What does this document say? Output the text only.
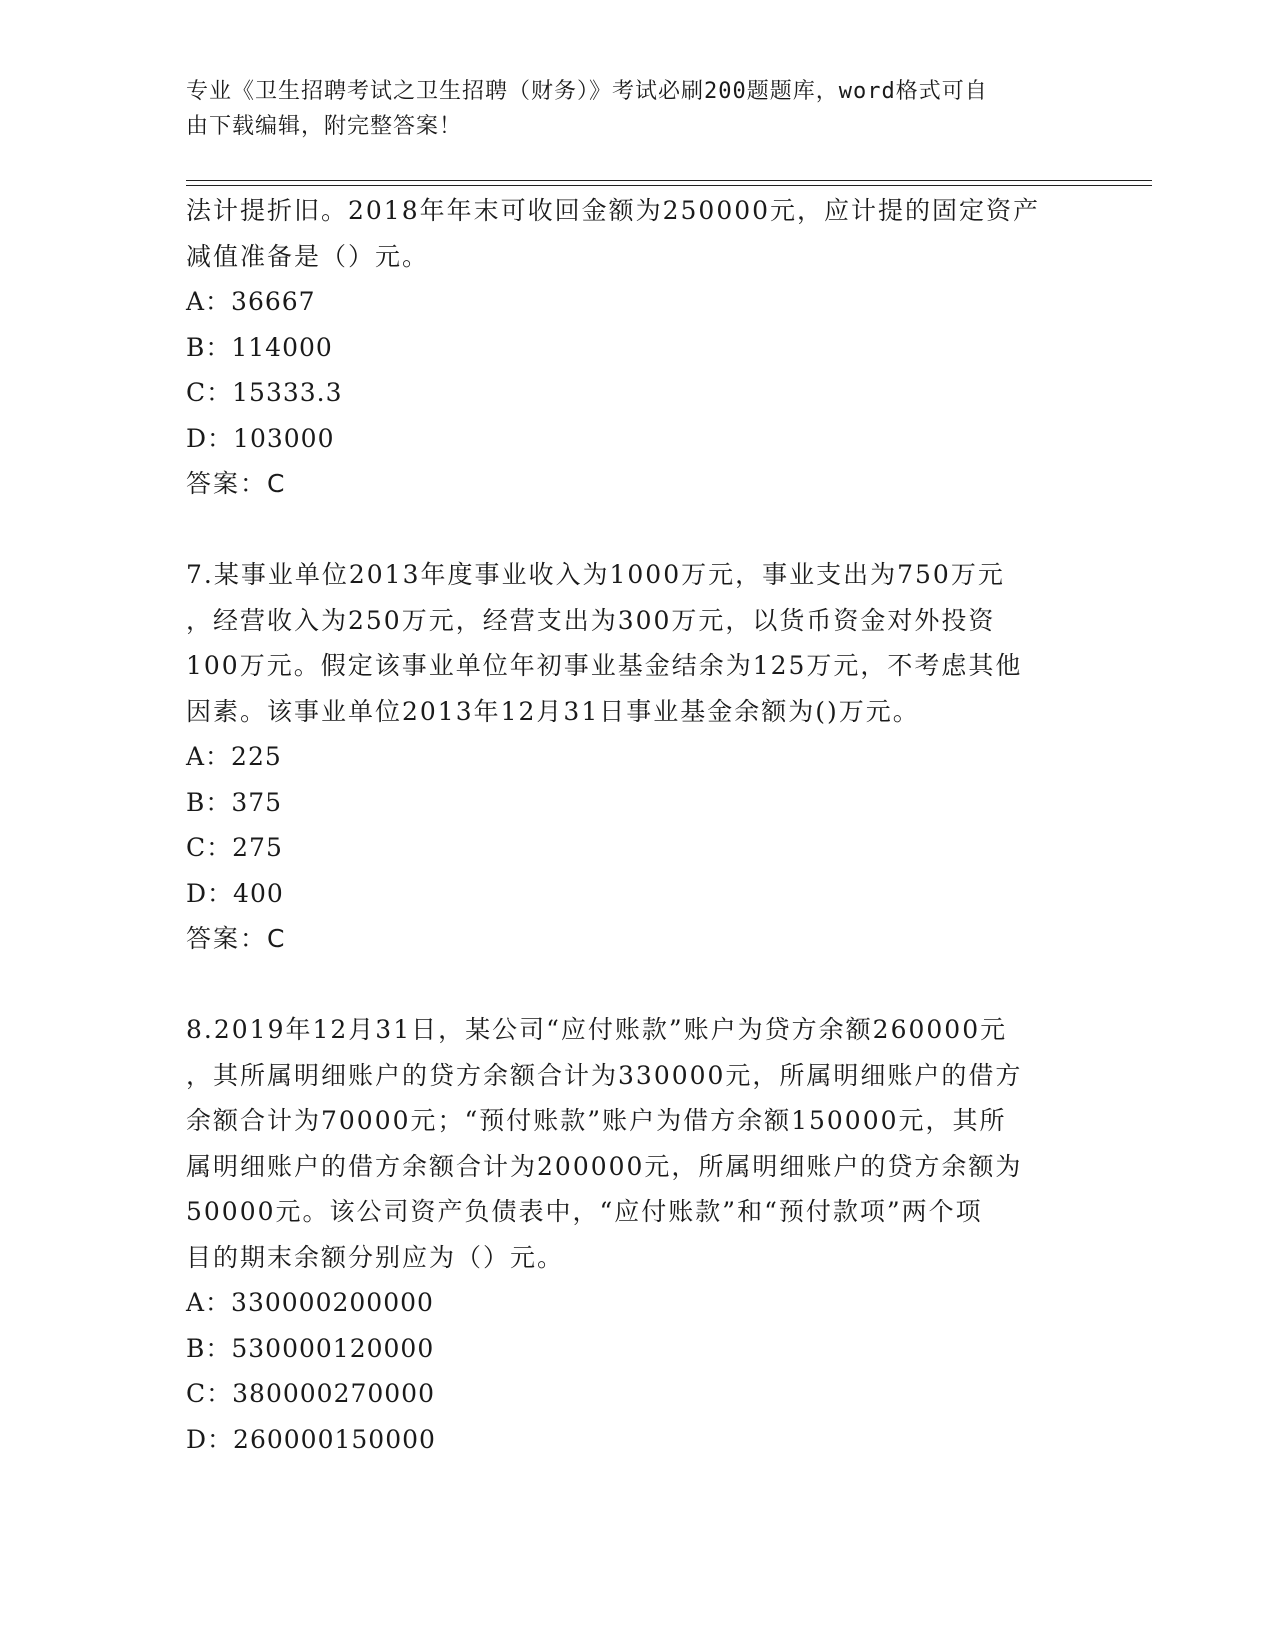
专业《卫生招聘考试之卫生招聘（财务）》考试必刷200题题库，word格式可自
由下载编辑，附完整答案！

法计提折旧。2018年年末可收回金额为250000元，应计提的固定资产

减值准备是（）元。

A：36667

B：114000

C：15333.3

D：103000

答案：C

7.某事业单位2013年度事业收入为1000万元，事业支出为750万元

，经营收入为250万元，经营支出为300万元，以货币资金对外投资

100万元。假定该事业单位年初事业基金结余为125万元，不考虑其他

因素。该事业单位2013年12月31日事业基金余额为()万元。

A：225

B：375

C：275

D：400

答案：C

8.2019年12月31日，某公司“应付账款”账户为贷方余额260000元

，其所属明细账户的贷方余额合计为330000元，所属明细账户的借方

余额合计为70000元；“预付账款”账户为借方余额150000元，其所

属明细账户的借方余额合计为200000元，所属明细账户的贷方余额为

50000元。该公司资产负债表中，“应付账款”和“预付款项”两个项

目的期末余额分别应为（）元。

A：330000200000

B：530000120000

C：380000270000

D：260000150000
